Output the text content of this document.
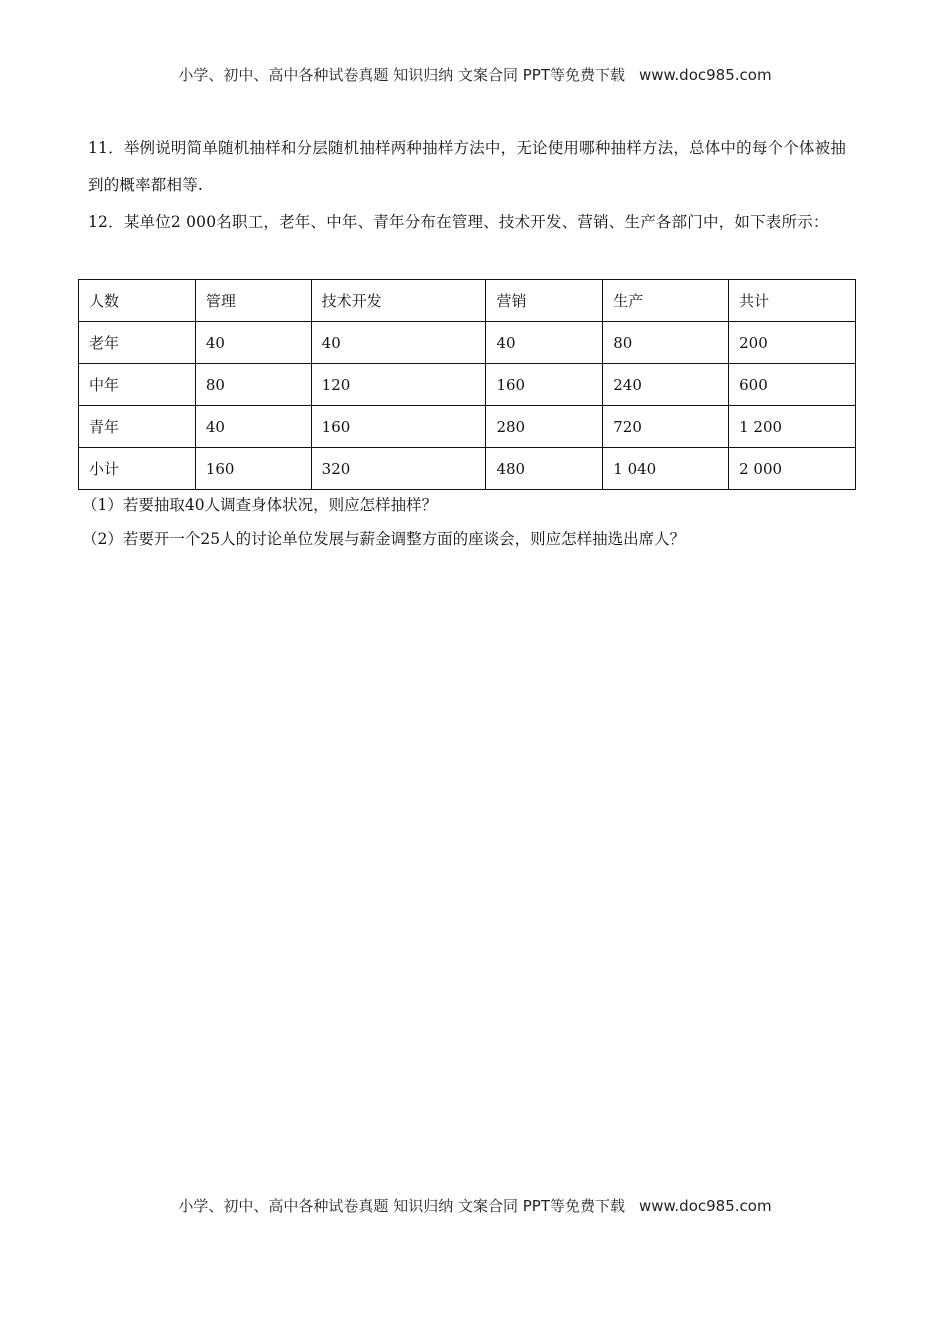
小学、初中、高中各种试卷真题 知识归纳 文案合同 PPT等免费下载 www.doc985.com

11．举例说明简单随机抽样和分层随机抽样两种抽样方法中，无论使用哪种抽样方法，总体中的每个个体被抽到的概率都相等.

12．某单位2 000名职工，老年、中年、青年分布在管理、技术开发、营销、生产各部门中，如下表所示：

人数	管理	技术开发	营销	生产	共计
老年	40	40	40	80	200
中年	80	120	160	240	600
青年	40	160	280	720	1 200
小计	160	320	480	1 040	2 000

（1）若要抽取40人调查身体状况，则应怎样抽样？

（2）若要开一个25人的讨论单位发展与薪金调整方面的座谈会，则应怎样抽选出席人？

小学、初中、高中各种试卷真题 知识归纳 文案合同 PPT等免费下载 www.doc985.com
